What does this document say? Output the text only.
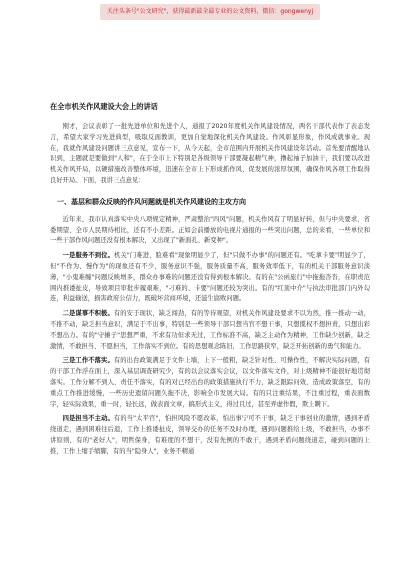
关注头条号"公文研究"，获得最新最全最专业的公文资料，微信：gongwenyj
在全市机关作风建设大会上的讲话

刚才，会议表彰了一批先进单位和先进个人，通报了2020年度机关作风建设情况，两名干部代表作了表态发言，希望大家学习先进典型，吸取反面教训，更加自觉地深化机关作风建设。作风彰显形象，作风成就事业。现在，我就作风建设问题讲三点意见，宣布一下，从今天起，全市范围内开展机关作风建设年活动。首先要清醒地认识到，主题就是要做到"人和"，在于全市上下特别是各级领导干部要凝起精气神，撸起袖子加油干，我们要以改进机关作风开局，以硬措施改善整体环境，迅速在全市上下形成抓作风、促发展的浓厚氛围，确保作风各项工作取得良好开局。下面，我讲三点意见：

一、基层和群众反映的作风问题就是机关作风建设的主攻方向

近年来，我市认真落实中央八项规定精神，严肃整治"四风"问题，机关作风有了明显好转，但与中央要求、省委期望、全市人民期待相比，还有不小差距。正如会前播放的电视片通报的一些突出问题，总的来看，一些单位和一些干部作风问题还没有根本解决，又出现了"新面孔、新变种"。

一是服务不到位。机关"门难进、脸难看"现象明显少了，但"只做不办事"的问题还有。"吃拿卡要"明显少了，但"不作为、慢作为"的现象还有不少，服务意识不强，服务质量不高，服务效率低下，有的机关干部服务意识淡薄，"小鬼难缠"问题反映增多，群众办事难的问题还没有得到根本解决。有的在"公函旅行"中拖拖沓沓，在职责范围内推诿扯皮，导致项目审批步履艰难，"刁难的、卡要"问题还较为突出。有的"红顶中介"与执法审批部门内外勾连，利益输送，损害政府公信力，既破坏营商环境，还滋生腐败问题。

二是谋事不积极。有的安于现状，缺乏闯劲，有的等待观望，对机关作风建设要求不以为然，推一推动一动，不推不动，缺乏担当意识，满足于不出事，特别是一些领导干部只想当官不想干事，只想揽权不想担责，只想出彩不想出力。有的"守摊子"思想严重，不求有功但求无过，工作标准不高，缺乏主动作为精神，工作缺少创新，缺乏激情，不敢担当、不愿担当，工作落实不到位。有的思想观念陈旧，工作思路狭窄，缺乏开拓创新的勇气和能力。

三是工作不落实。有的出台政策满足于文件上墙，上下一般粗，缺乏针对性、可操作性，不解决实际问题，有的干部工作浮在面上，深入基层调查研究少，有的以会议落实会议，以文件落实文件，对上级精神不能很好地贯彻落实。工作分解不到人、责任不落实，有的对已经出台的政策措施执行不力，缺乏跟踪问效，造成政策落空，有的重点工作推进缓慢，一些历史遗留问题久拖不决，影响全市发展大局。有的只注重结果，不注重过程，重表面数字，轻实际效果，重一时，轻长远，做表面文章，搞形式主义，得过且过，甚至弄虚作假，欺上瞒下。

四是担当不主动。有的当"太平官"，怕担风险不愿改革，怕出事宁可不干事，缺乏干事创业的激情，遇到矛盾绕道走，遇到困难往后退，工作上推诿扯皮，领导交办的任务不及时办理，遇到问题推给上级，不敢担当，办事不讲原则，有的"老好人"，明哲保身，有难度的不想干，没有先例的不敢干，遇到矛盾问题绕道走，碰到问题的上推，工作上缩手缩脚，有的当"隐身人"，业务不精通
